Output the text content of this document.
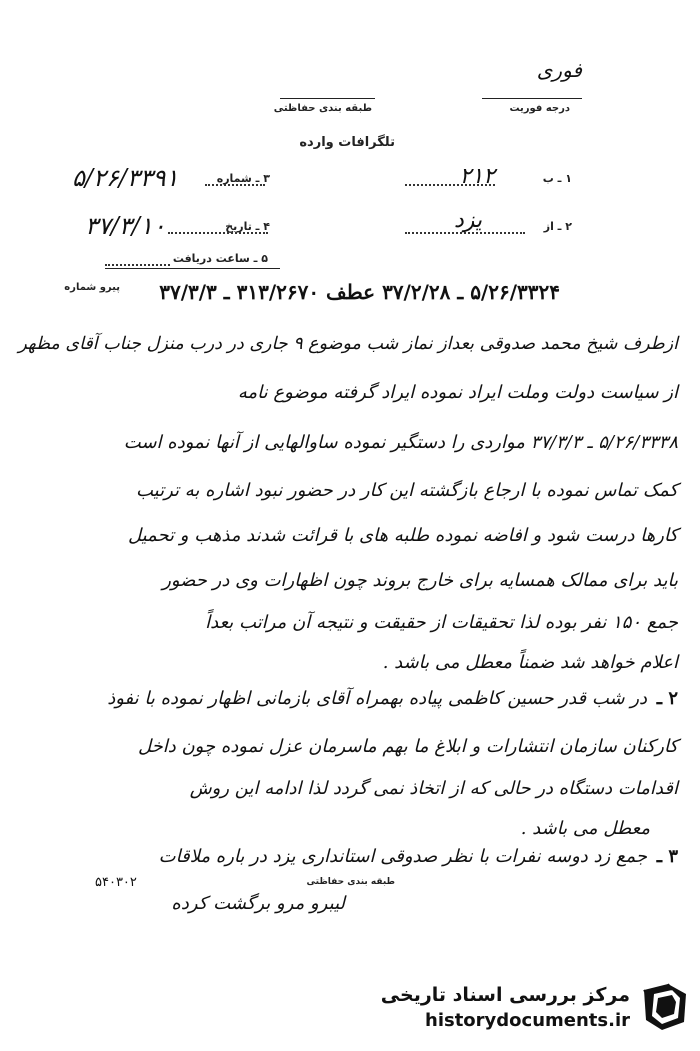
فوری
درجه فوریت
طبقه بندی حفاظتی
تلگرافات وارده
۱ ـ ب
۲۱۲
۳ ـ شماره
۵/۲۶/۳۳۹۱
۲ ـ از
یزد
۴ ـ تاریخ
۳۷/۳/۱۰
۵ ـ ساعت دریافت
پیرو شماره ۵/۲۶/۳۳۲۴ ـ ۳۷/۲/۲۸ عطف ۳۱۳/۲۶۷۰ ـ ۳۷/۳/۳
ازطرف شیخ محمد صدوقی بعداز نماز شب موضوع ۹ جاری در درب منزل جناب آقای مظهر
از سیاست دولت وملت ایراد نموده ایراد گرفته موضوع نامه
۵/۲۶/۳۳۳۸ ـ ۳۷/۳/۳ مواردی را دستگیر نموده ساوالهایی از آنها نموده است
کمک تماس نموده با ارجاع بازگشته این کار در حضور نبود اشاره به ترتیب
کارها درست شود و افاضه نموده طلبه های با قرائت شدند مذهب و تحمیل
باید برای ممالک همسایه برای خارج بروند چون اظهارات وی در حضور
جمع ۱۵۰ نفر بوده لذا تحقیقات از حقیقت و نتیجه آن مراتب بعداً
اعلام خواهد شد ضمناً معطل می باشد .
۲ ـ در شب قدر حسین کاظمی پیاده بهمراه آقای بازمانی اظهار نموده با نفوذ
کارکنان سازمان انتشارات و ابلاغ ما بهم ماسرمان عزل نموده چون داخل
اقدامات دستگاه در حالی که از اتخاذ نمی گردد لذا ادامه این روش
معطل می باشد .
۳ ـ جمع زد دوسه نفرات با نظر صدوقی استانداری یزد در باره ملاقات
۵۴۰۳۰۲	طبقه بندی حفاظتی
لیبرو مرو برگشت کرده
مرکز بررسی اسناد تاریخی
historydocuments.ir
